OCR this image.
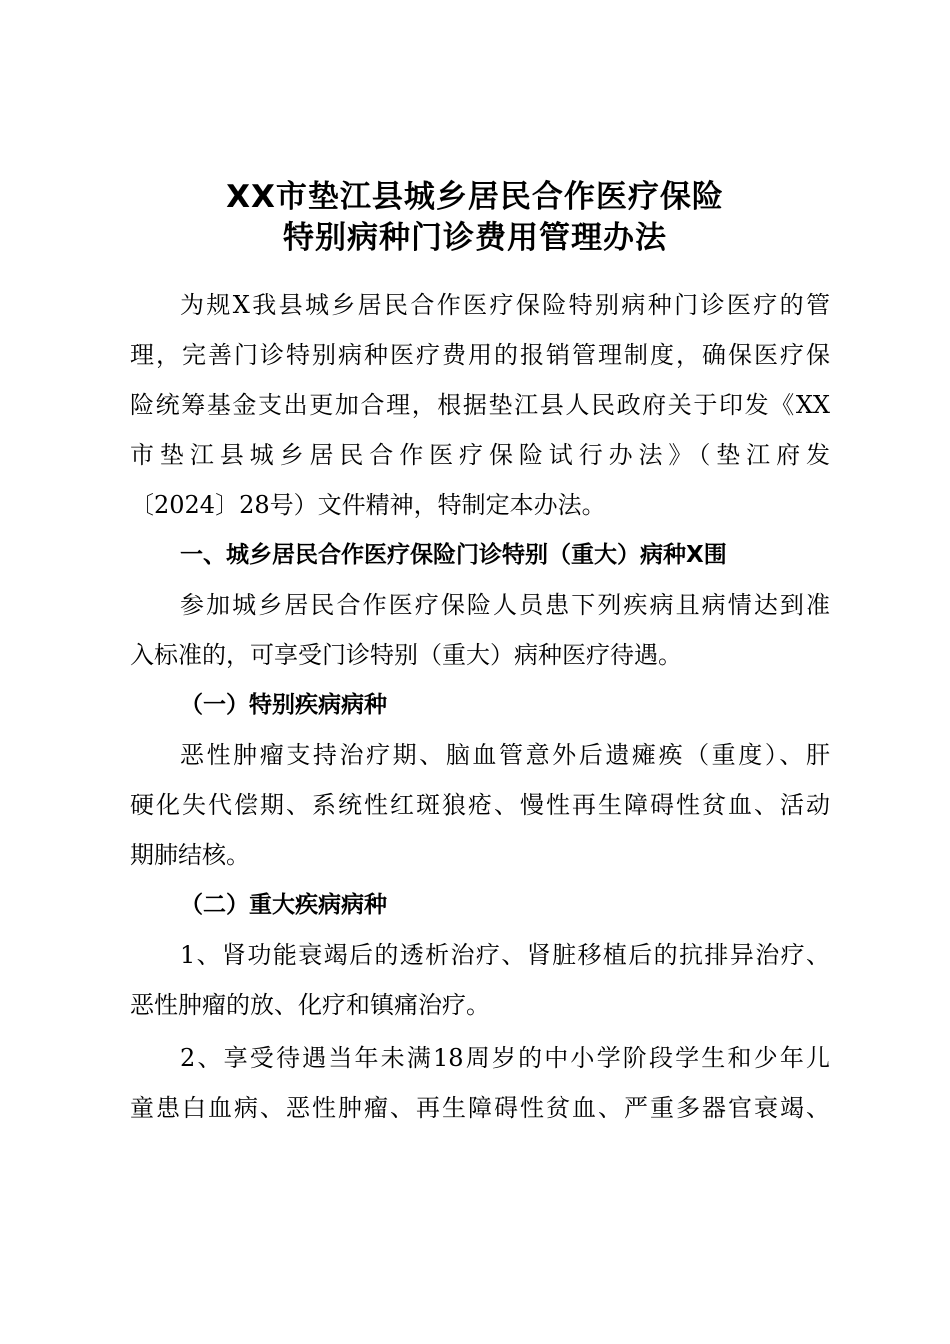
XX市垫江县城乡居民合作医疗保险
特别病种门诊费用管理办法
为规X我县城乡居民合作医疗保险特别病种门诊医疗的管
理，完善门诊特别病种医疗费用的报销管理制度，确保医疗保
险统筹基金支出更加合理，根据垫江县人民政府关于印发《XX
市垫江县城乡居民合作医疗保险试行办法》（垫江府发
〔2024〕28号）文件精神，特制定本办法。
一、城乡居民合作医疗保险门诊特别（重大）病种X围
参加城乡居民合作医疗保险人员患下列疾病且病情达到准
入标准的，可享受门诊特别（重大）病种医疗待遇。
（一）特别疾病病种
恶性肿瘤支持治疗期、脑血管意外后遗瘫痪（重度）、肝
硬化失代偿期、系统性红斑狼疮、慢性再生障碍性贫血、活动
期肺结核。
（二）重大疾病病种
1、肾功能衰竭后的透析治疗、肾脏移植后的抗排异治疗、
恶性肿瘤的放、化疗和镇痛治疗。
2、享受待遇当年未满18周岁的中小学阶段学生和少年儿
童患白血病、恶性肿瘤、再生障碍性贫血、严重多器官衰竭、
